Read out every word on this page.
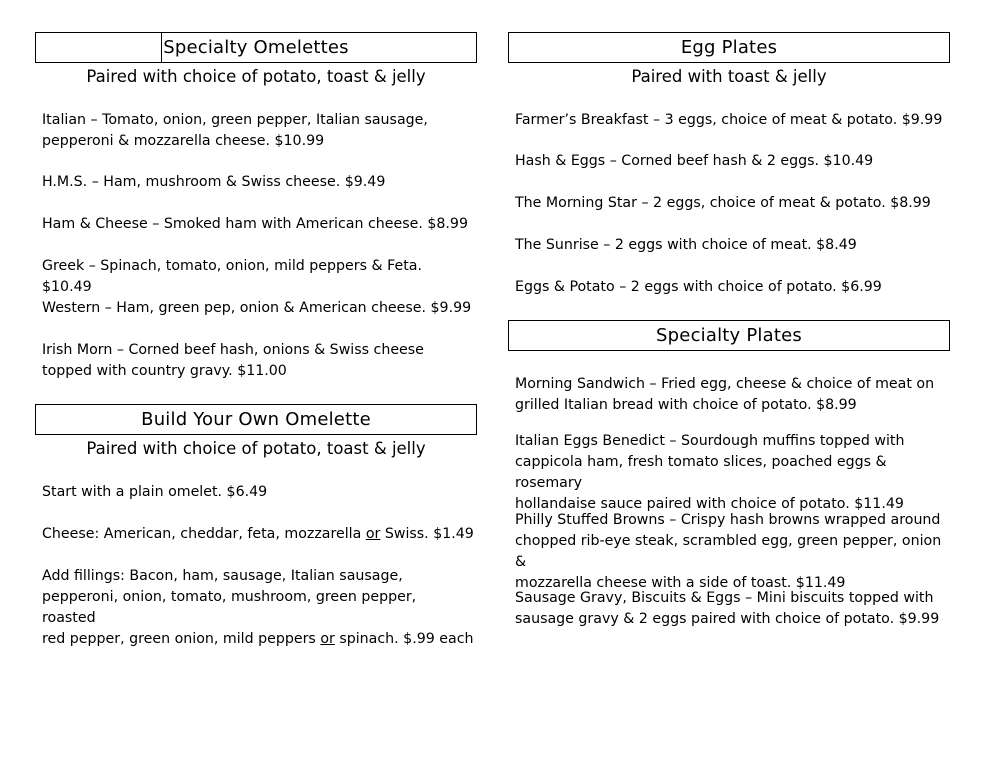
Specialty Omelettes
Paired with choice of potato, toast & jelly
Italian – Tomato, onion, green pepper, Italian sausage,
pepperoni & mozzarella cheese. $10.99
H.M.S. – Ham, mushroom & Swiss cheese. $9.49
Ham & Cheese – Smoked ham with American cheese. $8.99
Greek – Spinach, tomato, onion, mild peppers & Feta. $10.49
Western – Ham, green pep, onion & American cheese. $9.99
Irish Morn – Corned beef hash, onions & Swiss cheese
topped with country gravy. $11.00
Build Your Own Omelette
Paired with choice of potato, toast & jelly
Start with a plain omelet. $6.49
Cheese: American, cheddar, feta, mozzarella or Swiss. $1.49
Add fillings: Bacon, ham, sausage, Italian sausage,
pepperoni, onion, tomato, mushroom, green pepper, roasted
red pepper, green onion, mild peppers or spinach. $.99 each
Egg Plates
Paired with toast & jelly
Farmer’s Breakfast – 3 eggs, choice of meat & potato. $9.99
Hash & Eggs – Corned beef hash & 2 eggs. $10.49
The Morning Star – 2 eggs, choice of meat & potato. $8.99
The Sunrise – 2 eggs with choice of meat. $8.49
Eggs & Potato – 2 eggs with choice of potato. $6.99
Specialty Plates
Morning Sandwich – Fried egg, cheese & choice of meat on
grilled Italian bread with choice of potato. $8.99
Italian Eggs Benedict – Sourdough muffins topped with
cappicola ham, fresh tomato slices, poached eggs & rosemary
hollandaise sauce paired with choice of potato. $11.49
Philly Stuffed Browns – Crispy hash browns wrapped around
chopped rib-eye steak, scrambled egg, green pepper, onion &
mozzarella cheese with a side of toast. $11.49
Sausage Gravy, Biscuits & Eggs – Mini biscuits topped with
sausage gravy & 2 eggs paired with choice of potato. $9.99
